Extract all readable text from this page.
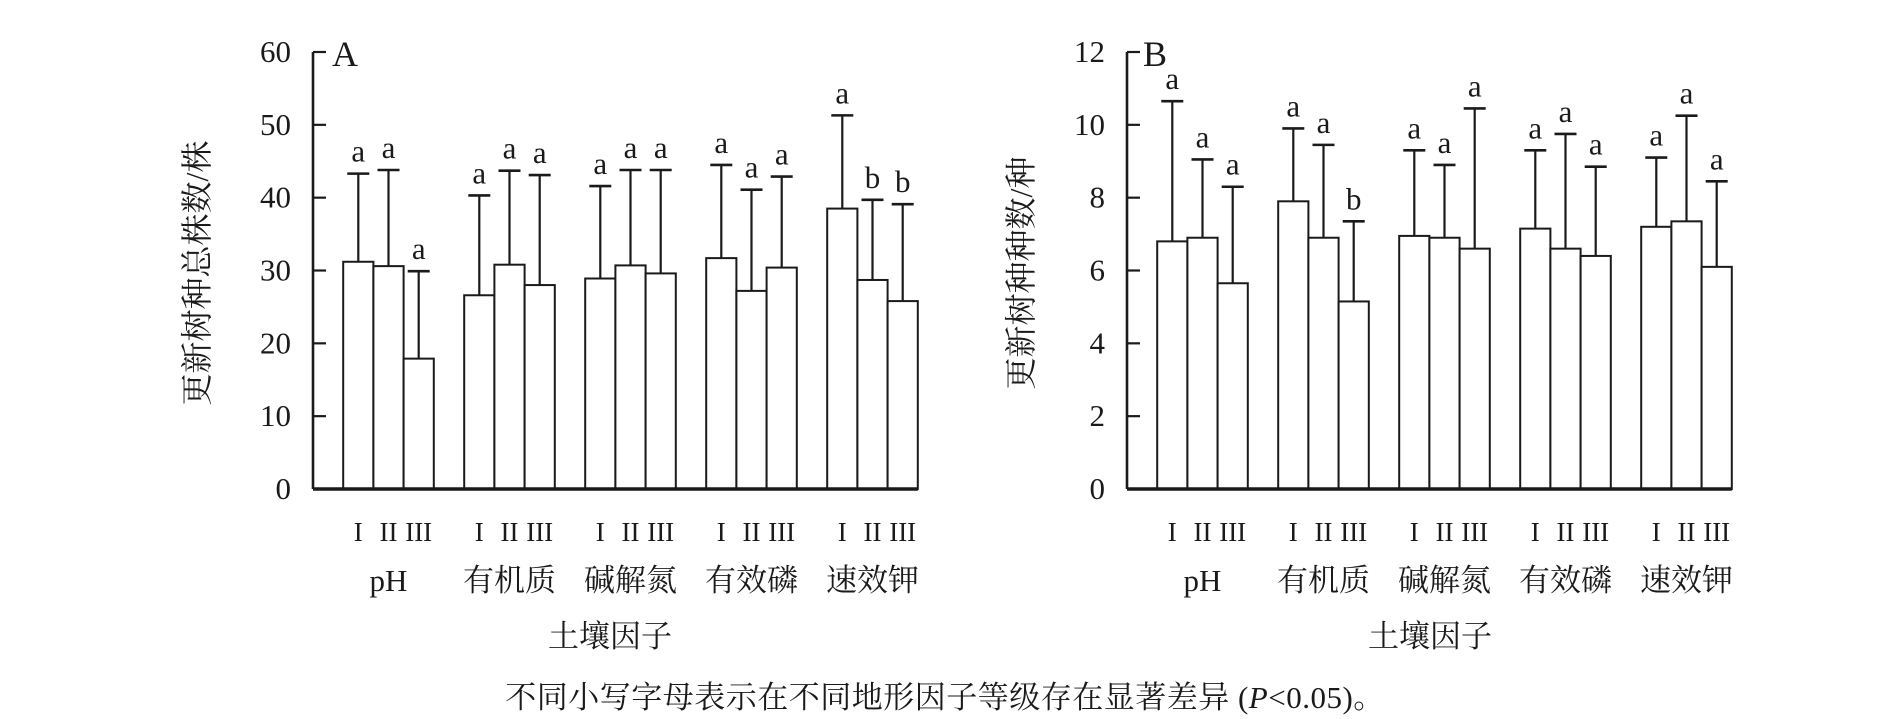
0
10
20
30
40
50
60 A
a
I
a
II
a
III
pH
a
I
a
II
a
III
有机质
a
I
a
II
a
III
碱解氮
a
I
a
II
a
III
有效磷
a
I
b
II
b
III
速效钾
土壤因子
更新树种总株数/株
0
2
4
6
8
10
12 B
a
I
a
II
a
III
pH
a
I
a
II
b
III
有机质
a
I
a
II
a
III
碱解氮
a
I
a
II
a
III
有效磷
a
I
a
II
a
III
速效钾
土壤因子
更新树种种数/种
不同小写字母表示在不同地形因子等级存在显著差异 (P<0.05)。
